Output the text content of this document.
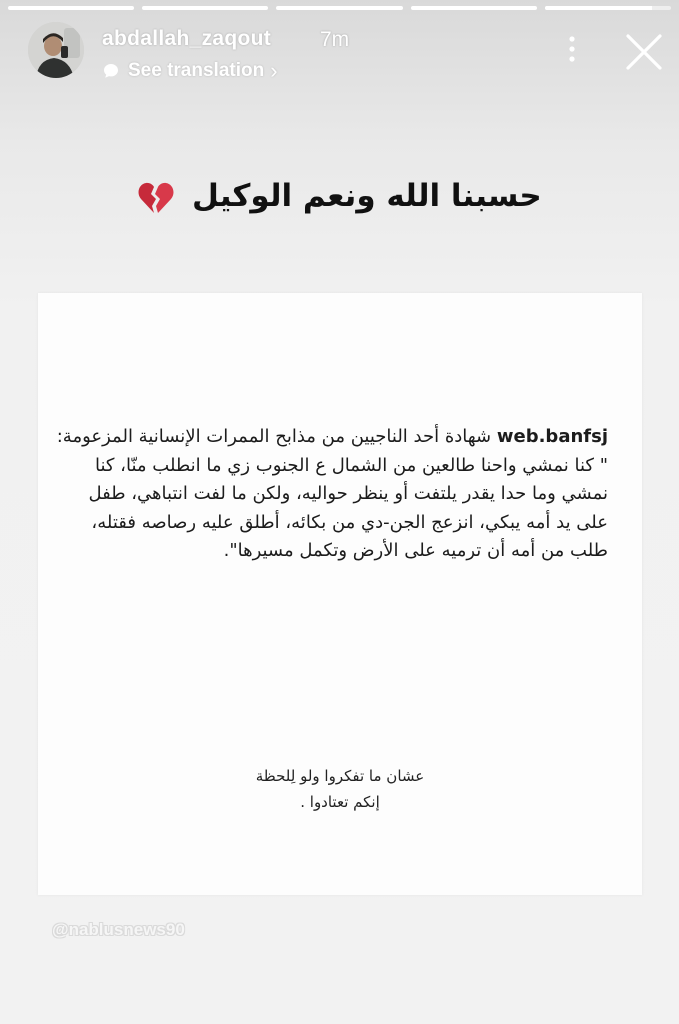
abdallah_zaqout 7m
See translation ›
حسبنا الله ونعم الوكيل
web.banfsj شهادة أحد الناجيين من مذابح الممرات الإنسانية المزعومة: " كنا نمشي واحنا طالعين من الشمال ع الجنوب زي ما انطلب منّا، كنا نمشي وما حدا يقدر يلتفت أو ينظر حواليه، ولكن ما لفت انتباهي، طفل على يد أمه يبكي، انزعج الجن-دي من بكائه، أطلق عليه رصاصه فقتله، طلب من أمه أن ترميه على الأرض وتكمل مسيرها".
عشان ما تفكروا ولو لِلحظة
إنكم تعتادوا .
@nablusnews90
